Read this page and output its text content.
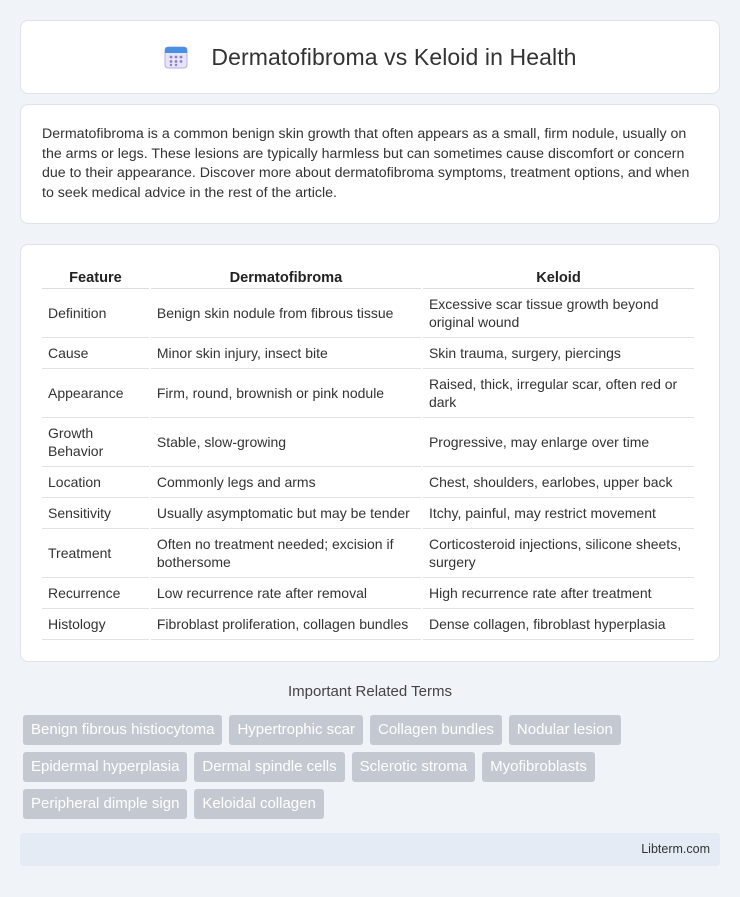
Dermatofibroma vs Keloid in Health

Dermatofibroma is a common benign skin growth that often appears as a small, firm nodule, usually on the arms or legs. These lesions are typically harmless but can sometimes cause discomfort or concern due to their appearance. Discover more about dermatofibroma symptoms, treatment options, and when to seek medical advice in the rest of the article.

Feature	Dermatofibroma	Keloid
Definition	Benign skin nodule from fibrous tissue	Excessive scar tissue growth beyond original wound
Cause	Minor skin injury, insect bite	Skin trauma, surgery, piercings
Appearance	Firm, round, brownish or pink nodule	Raised, thick, irregular scar, often red or dark
Growth Behavior	Stable, slow-growing	Progressive, may enlarge over time
Location	Commonly legs and arms	Chest, shoulders, earlobes, upper back
Sensitivity	Usually asymptomatic but may be tender	Itchy, painful, may restrict movement
Treatment	Often no treatment needed; excision if bothersome	Corticosteroid injections, silicone sheets, surgery
Recurrence	Low recurrence rate after removal	High recurrence rate after treatment
Histology	Fibroblast proliferation, collagen bundles	Dense collagen, fibroblast hyperplasia
Important Related Terms
Benign fibrous histiocytoma	Hypertrophic scar	Collagen bundles	Nodular lesion
Epidermal hyperplasia	Dermal spindle cells	Sclerotic stroma	Myofibroblasts
Peripheral dimple sign	Keloidal collagen
Libterm.com
